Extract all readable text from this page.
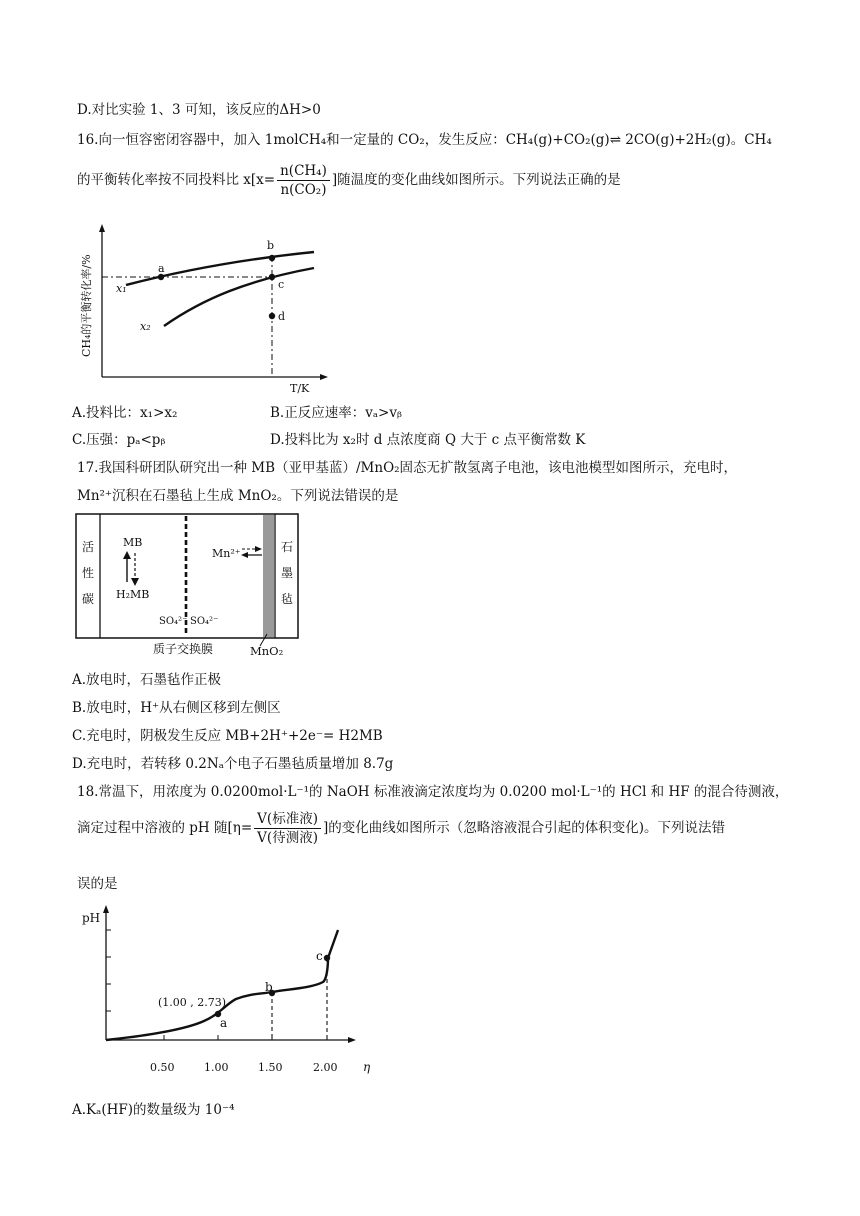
D.对比实验 1、3 可知，该反应的ΔH>0
16.向一恒容密闭容器中，加入 1molCH₄和一定量的 CO₂，发生反应：CH₄(g)+CO₂(g)⇌ 2CO(g)+2H₂(g)。CH₄
的平衡转化率按不同投料比 $x[x= \frac{\text{n(CH₄)}}{\text{n(CO₂)}}$ ]随温度的变化曲线如图所示。下列说法正确的是
CH₄的平衡转化率/%
T/K
a
b
c
d
x₁
x₂
A.投料比：x₁>x₂	B.正反应速率：vₐ>vᵦ
C.压强：pₐ<pᵦ	D.投料比为 x₂时 d 点浓度商 Q 大于 c 点平衡常数 K
17.我国科研团队研究出一种 MB（亚甲基蓝）/MnO₂固态无扩散氢离子电池，该电池模型如图所示，充电时，
Mn²⁺沉积在石墨毡上生成 MnO₂。下列说法错误的是
活
性
碳
石
墨
毡
MB
H₂MB
SO₄²⁻ SO₄²⁻
Mn²⁺
质子交换膜	MnO₂
A.放电时，石墨毡作正极
B.放电时，H⁺从右侧区移到左侧区
C.充电时，阴极发生反应 MB+2H⁺+2e⁻= H2MB
D.充电时，若转移 0.2Nₐ个电子石墨毡质量增加 8.7g
18.常温下，用浓度为 0.0200mol·L⁻¹的 NaOH 标准液滴定浓度均为 0.0200 mol·L⁻¹的 HCl 和 HF 的混合待测液，
滴定过程中溶液的 pH 随[$\eta= \frac{\text{V(标准液)}}{\text{V(待测液)}}$ ]的变化曲线如图所示（忽略溶液混合引起的体积变化)。下列说法错
误的是
pH
η
0.50	1.00	1.50	2.00
a
b
c
(1.00 , 2.73)
A.Kₐ(HF)的数量级为 10⁻⁴
